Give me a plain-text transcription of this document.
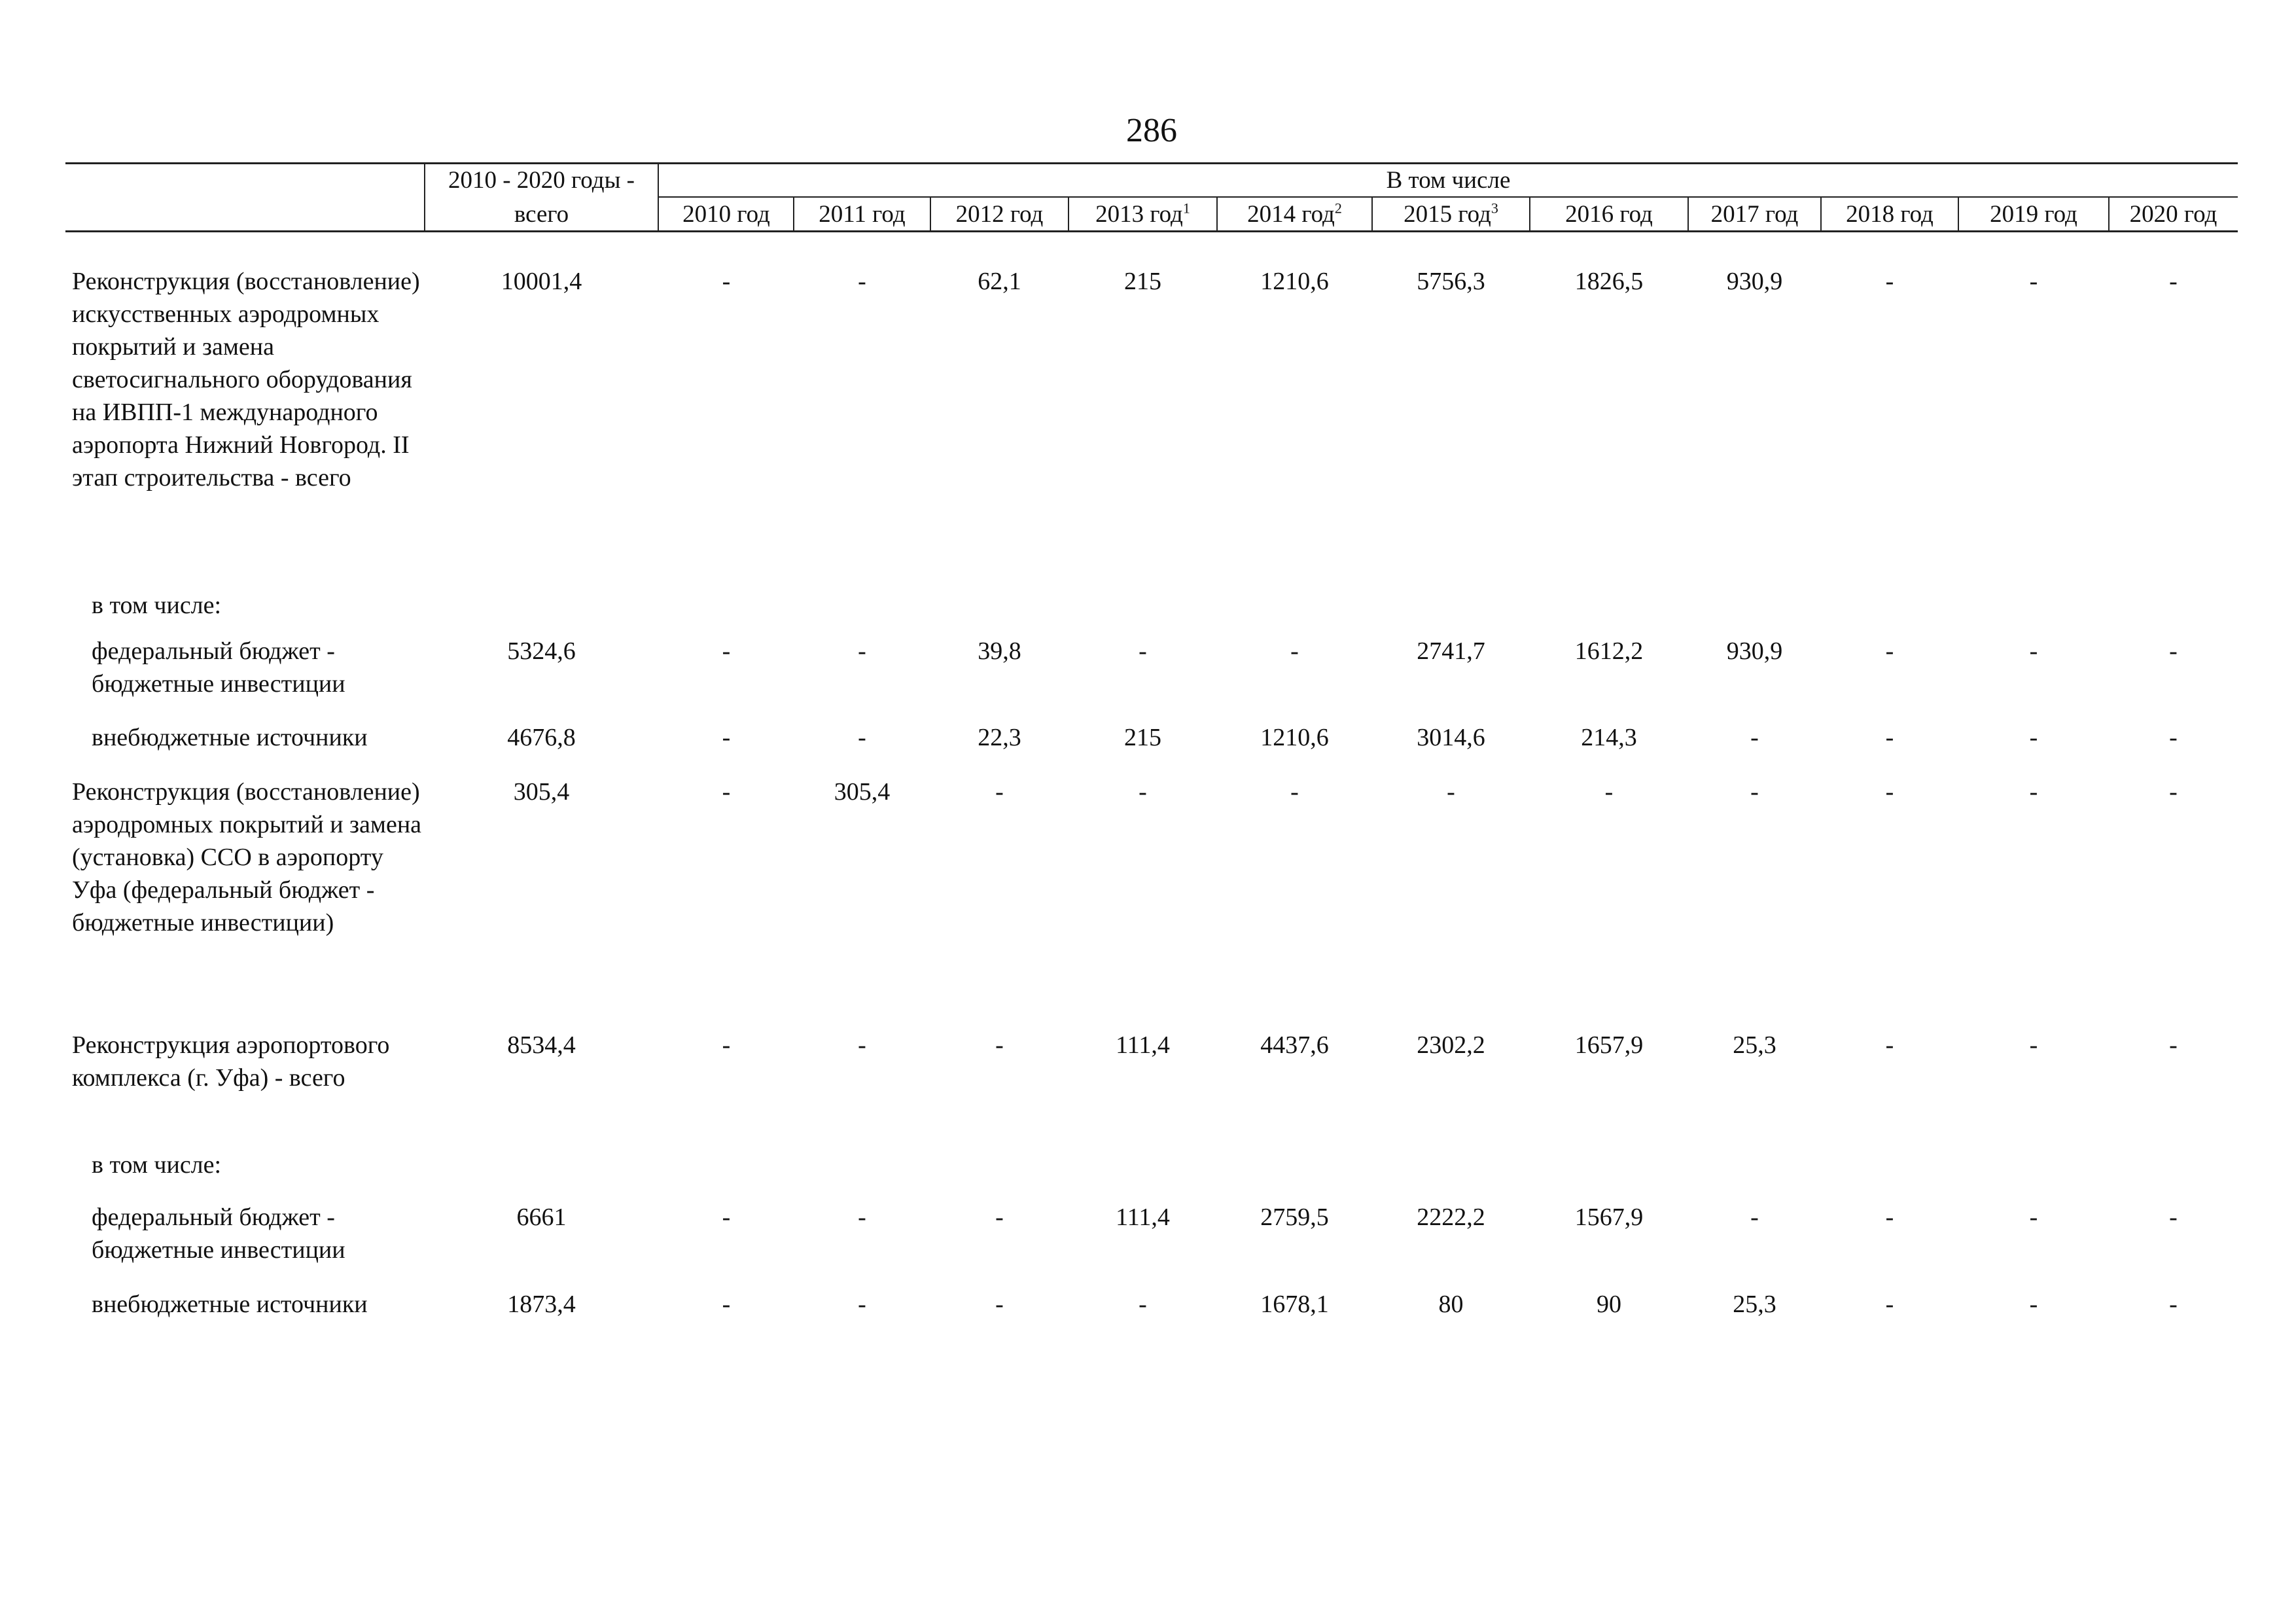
286
2010 - 2020 годы -
всего
В том числе
2010 год	2011 год	2012 год	2013 год$^1$	2014 год$^2$	2015 год$^3$	2016 год	2017 год	2018 год	2019 год	2020 год
Реконструкция (восстановление) искусственных аэродромных покрытий и замена светосигнального оборудования на ИВПП-1 международного аэропорта Нижний Новгород. II этап строительства - всего
10001,4	-	-	62,1	215	1210,6	5756,3	1826,5	930,9	-	-	-
в том числе:
федеральный бюджет - бюджетные инвестиции
5324,6	-	-	39,8	-	-	2741,7	1612,2	930,9	-	-	-
внебюджетные источники	4676,8	-	-	22,3	215	1210,6	3014,6	214,3	-	-	-	-
Реконструкция (восстановление) аэродромных покрытий и замена (установка) ССО в аэропорту Уфа (федеральный бюджет - бюджетные инвестиции)
305,4	-	305,4	-	-	-	-	-	-	-	-	-
Реконструкция аэропортового комплекса (г. Уфа) - всего
8534,4	-	-	-	111,4	4437,6	2302,2	1657,9	25,3	-	-	-
в том числе:
федеральный бюджет - бюджетные инвестиции
6661	-	-	-	111,4	2759,5	2222,2	1567,9	-	-	-	-
внебюджетные источники	1873,4	-	-	-	-	1678,1	80	90	25,3	-	-	-
